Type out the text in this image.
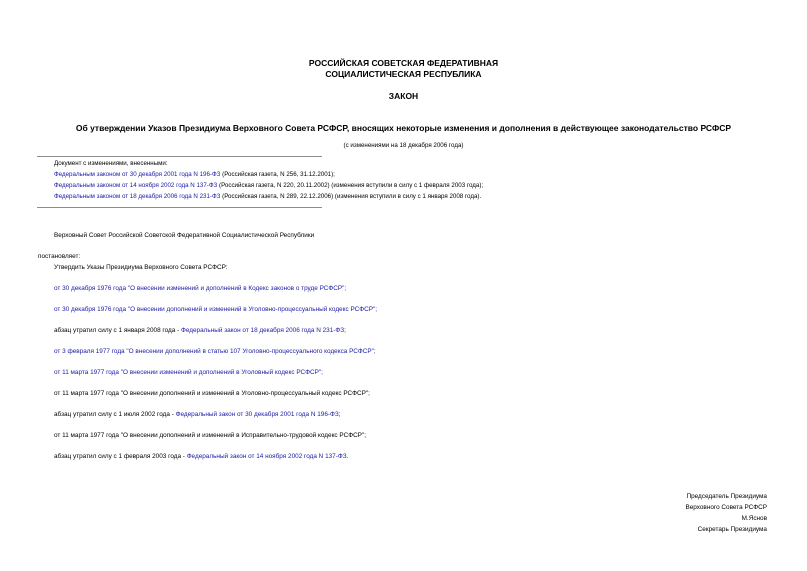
РОССИЙСКАЯ СОВЕТСКАЯ ФЕДЕРАТИВНАЯ
СОЦИАЛИСТИЧЕСКАЯ РЕСПУБЛИКА
ЗАКОН
Об утверждении Указов Президиума Верховного Совета РСФСР, вносящих некоторые изменения и дополнения в действующее законодательство РСФСР
(с изменениями на 18 декабря 2006 года)
Документ с изменениями, внесенными:
Федеральным законом от 30 декабря 2001 года N 196-ФЗ (Российская газета, N 256, 31.12.2001);
Федеральным законом от 14 ноября 2002 года N 137-ФЗ (Российская газета, N 220, 20.11.2002) (изменения вступили в силу с 1 февраля 2003 года);
Федеральным законом от 18 декабря 2006 года N 231-ФЗ (Российская газета, N 289, 22.12.2006) (изменения вступили в силу с 1 января 2008 года).
Верховный Совет Российской Советской Федеративной Социалистической Республики
постановляет:
Утвердить Указы Президиума Верховного Совета РСФСР:
от 30 декабря 1976 года "О внесении изменений и дополнений в Кодекс законов о труде РСФСР";
от 30 декабря 1976 года "О внесении дополнений и изменений в Уголовно-процессуальный кодекс РСФСР";
абзац утратил силу с 1 января 2008 года - Федеральный закон от 18 декабря 2006 года N 231-ФЗ;
от 3 февраля 1977 года "О внесении дополнений в статью 107 Уголовно-процессуального кодекса РСФСР";
от 11 марта 1977 года "О внесении изменений и дополнений в Уголовный кодекс РСФСР";
от 11 марта 1977 года "О внесении дополнений и изменений в Уголовно-процессуальный кодекс РСФСР";
абзац утратил силу с 1 июля 2002 года - Федеральный закон от 30 декабря 2001 года N 196-ФЗ;
от 11 марта 1977 года "О внесении дополнений и изменений в Исправительно-трудовой кодекс РСФСР";
абзац утратил силу с 1 февраля 2003 года - Федеральный закон от 14 ноября 2002 года N 137-ФЗ.
Председатель Президиума
Верховного Совета РСФСР
М.Яснов
Секретарь Президиума
